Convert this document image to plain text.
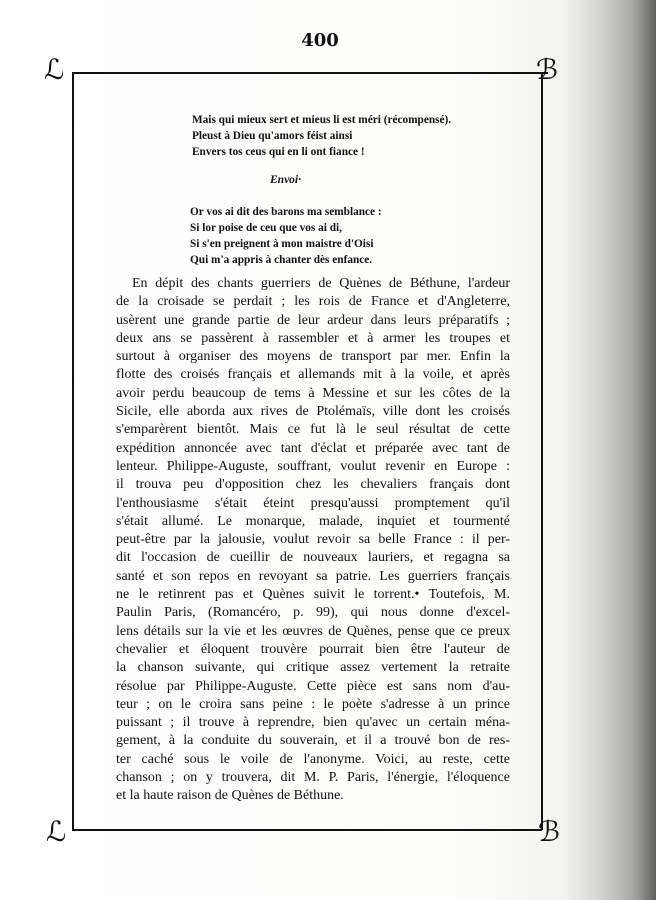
400
ℒ	ℬ
ℒ	ℬ
Mais qui mieux sert et mieus li est méri (récompensé).
Pleust à Dieu qu'amors féist ainsi
Envers tos ceus qui en li ont fiance !
Envoi·
Or vos ai dit des barons ma semblance :
Si lor poise de ceu que vos ai di,
Si s'en preignent à mon maistre d'Oisi
Qui m'a appris à chanter dès enfance.
En dépit des chants guerriers de Quènes de Béthune, l'ardeur
de la croisade se perdait ; les rois de France et d'Angleterre,
usèrent une grande partie de leur ardeur dans leurs préparatifs ;
deux ans se passèrent à rassembler et à armer les troupes et
surtout à organiser des moyens de transport par mer. Enfin la
flotte des croisés français et allemands mit à la voile, et après
avoir perdu beaucoup de tems à Messine et sur les côtes de la
Sicile, elle aborda aux rives de Ptolémaïs, ville dont les croisés
s'emparèrent bientôt. Mais ce fut là le seul résultat de cette
expédition annoncée avec tant d'éclat et préparée avec tant de
lenteur. Philippe-Auguste, souffrant, voulut revenir en Europe :
il trouva peu d'opposition chez les chevaliers français dont
l'enthousiasme s'était éteint presqu'aussi promptement qu'il
s'était allumé. Le monarque, malade, inquiet et tourmenté
peut-être par la jalousie, voulut revoir sa belle France : il per-
dit l'occasion de cueillir de nouveaux lauriers, et regagna sa
santé et son repos en revoyant sa patrie. Les guerriers français
ne le retinrent pas et Quènes suivit le torrent.• Toutefois, M.
Paulin Paris, (Romancéro, p. 99), qui nous donne d'excel-
lens détails sur la vie et les œuvres de Quènes, pense que ce preux
chevalier et éloquent trouvère pourrait bien être l'auteur de
la chanson suivante, qui critique assez vertement la retraite
résolue par Philippe-Auguste. Cette pièce est sans nom d'au-
teur ; on le croira sans peine : le poète s'adresse à un prince
puissant ; il trouve à reprendre, bien qu'avec un certain ména-
gement, à la conduite du souverain, et il a trouvé bon de res-
ter caché sous le voile de l'anonyme. Voici, au reste, cette
chanson ; on y trouvera, dit M. P. Paris, l'énergie, l'éloquence
et la haute raison de Quènes de Béthune.
